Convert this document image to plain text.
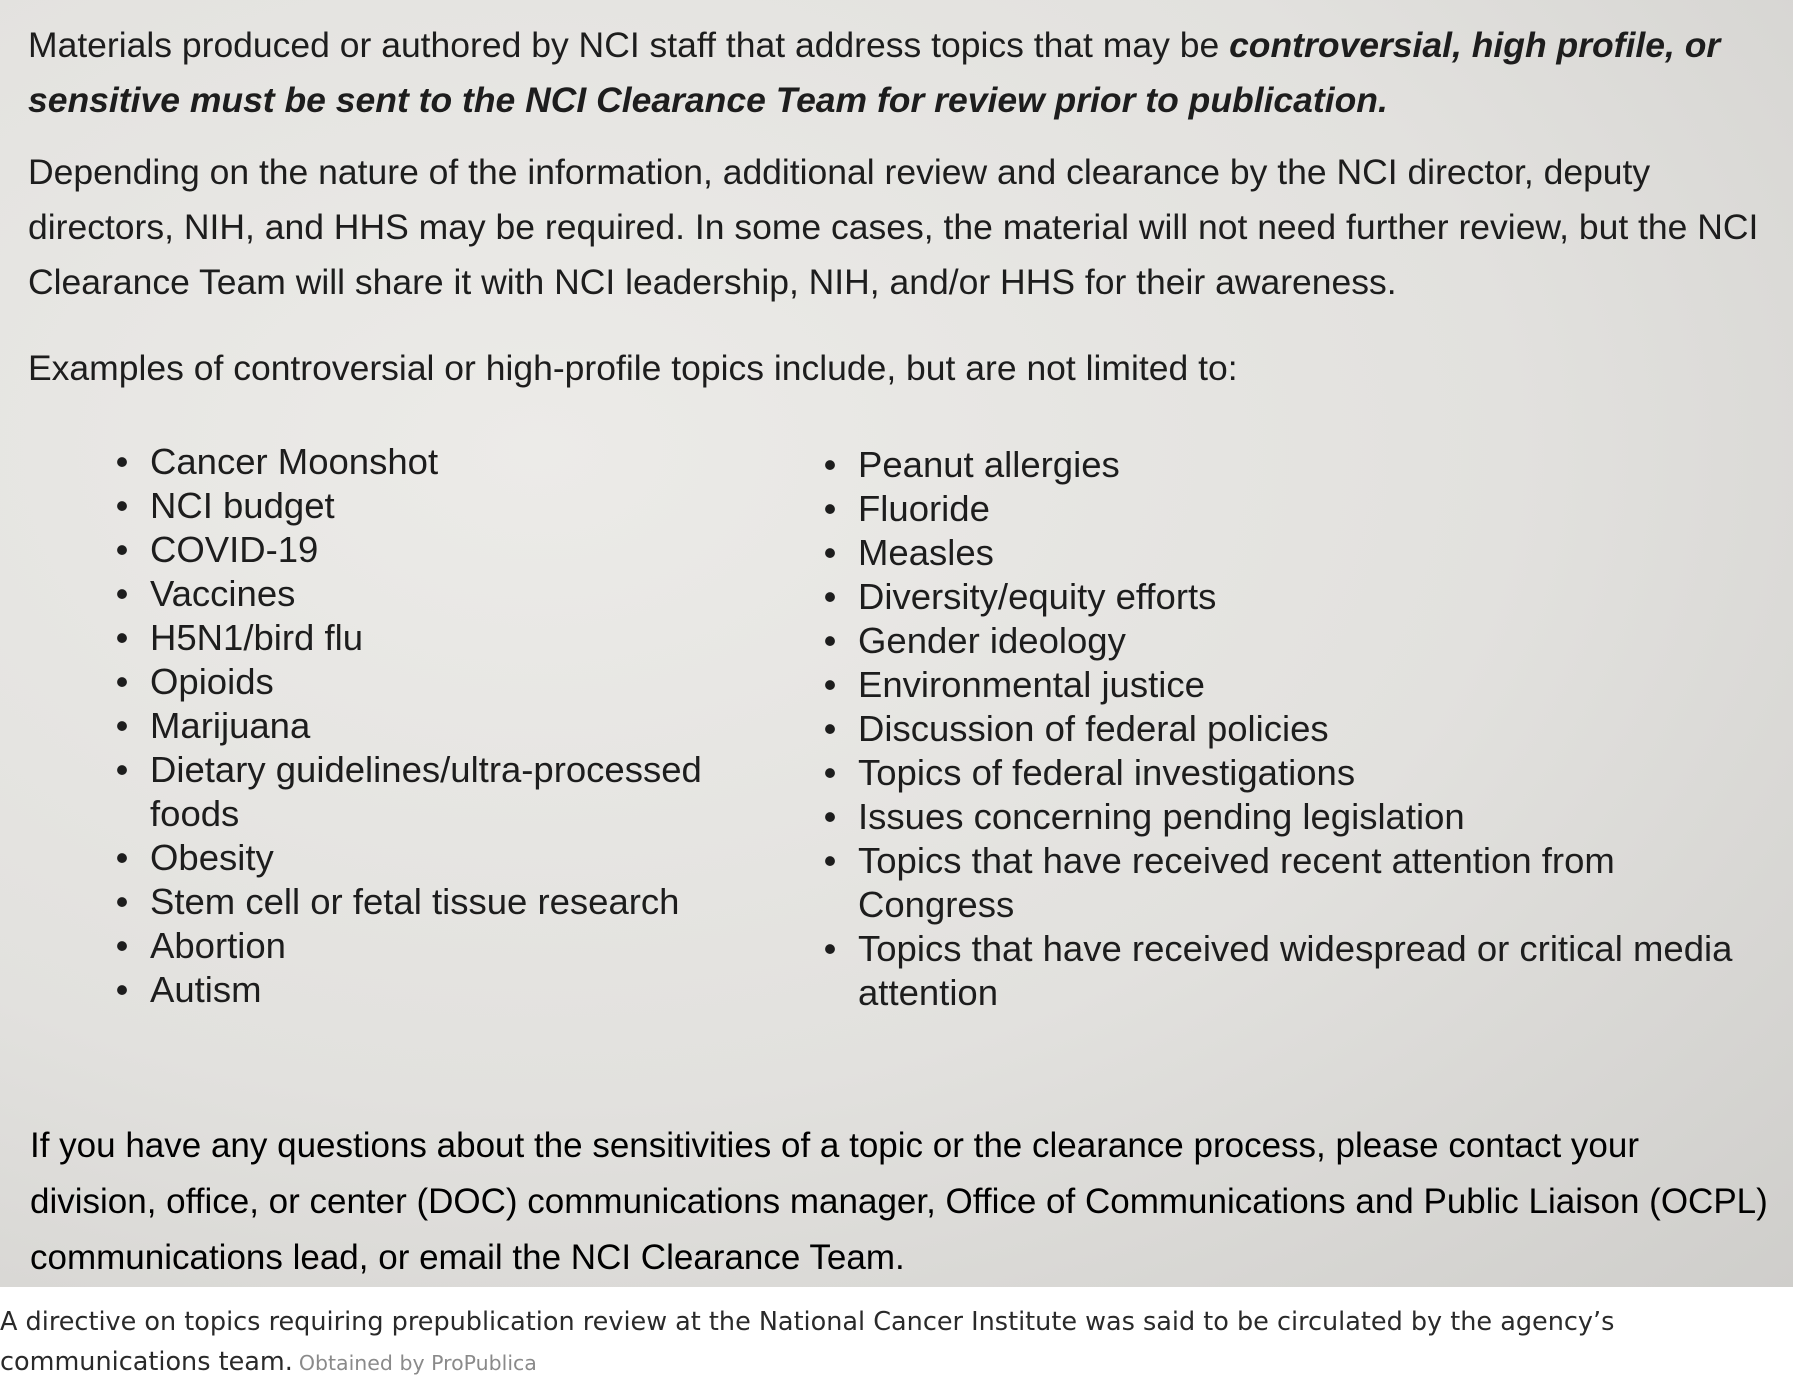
Materials produced or authored by NCI staff that address topics that may be controversial, high profile, or sensitive must be sent to the NCI Clearance Team for review prior to publication.

Depending on the nature of the information, additional review and clearance by the NCI director, deputy directors, NIH, and HHS may be required. In some cases, the material will not need further review, but the NCI Clearance Team will share it with NCI leadership, NIH, and/or HHS for their awareness.

Examples of controversial or high-profile topics include, but are not limited to:

• Cancer Moonshot
• NCI budget
• COVID-19
• Vaccines
• H5N1/bird flu
• Opioids
• Marijuana
• Dietary guidelines/ultra-processed foods
• Obesity
• Stem cell or fetal tissue research
• Abortion
• Autism
• Peanut allergies
• Fluoride
• Measles
• Diversity/equity efforts
• Gender ideology
• Environmental justice
• Discussion of federal policies
• Topics of federal investigations
• Issues concerning pending legislation
• Topics that have received recent attention from Congress
• Topics that have received widespread or critical media attention

If you have any questions about the sensitivities of a topic or the clearance process, please contact your division, office, or center (DOC) communications manager, Office of Communications and Public Liaison (OCPL) communications lead, or email the NCI Clearance Team.

A directive on topics requiring prepublication review at the National Cancer Institute was said to be circulated by the agency’s communications team. Obtained by ProPublica
